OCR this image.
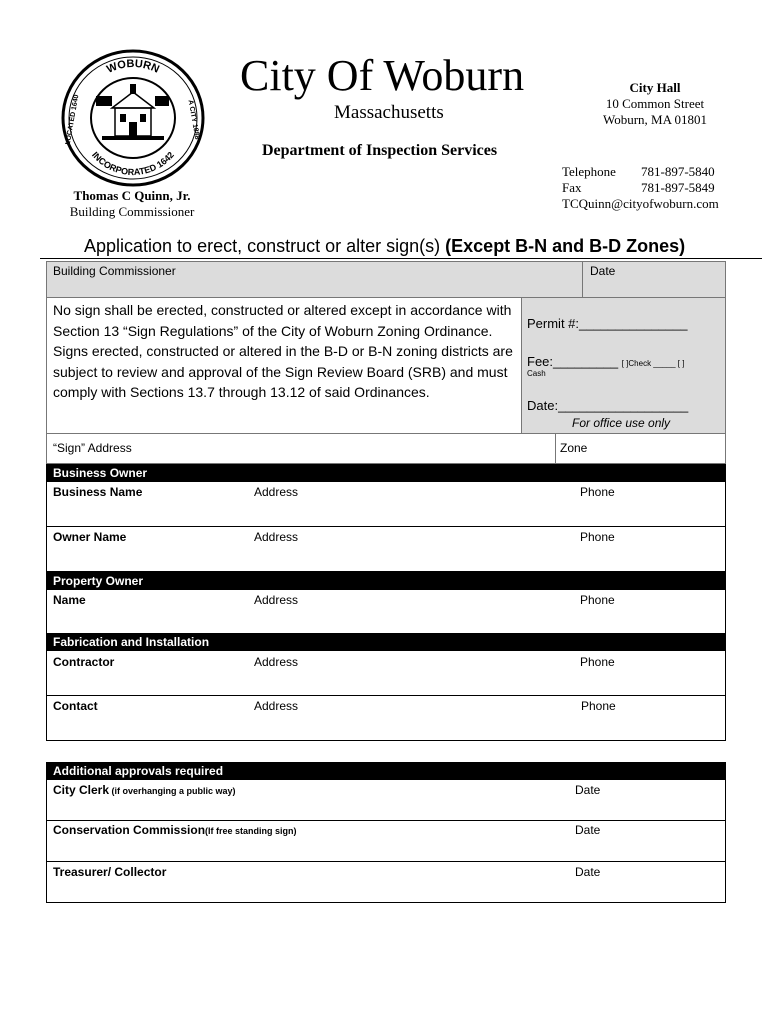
WOBURN
INCORPORATED 1642
LOCATED 1640	A CITY 1888
City Of Woburn
Massachusetts
Department of Inspection Services
City Hall
10 Common Street
Woburn, MA 01801
Telephone 781-897-5840
Fax	781-897-5849
TCQuinn@cityofwoburn.com
Thomas C Quinn, Jr.
Building Commissioner
Application to erect, construct or alter sign(s) (Except B-N and B-D Zones)
Building Commissioner	Date
No sign shall be erected, constructed or altered except in accordance with Section 13 “Sign Regulations” of the City of Woburn Zoning Ordinance. Signs erected, constructed or altered in the B-D or B-N zoning districts are subject to review and approval of the Sign Review Board (SRB) and must comply with Sections 13.7 through 13.12 of said Ordinances.
Permit #:_______________
Fee:_________ [ ]Check _____ [ ]
Cash
Date:__________________
For office use only
“Sign” Address	Zone
Business Owner
Business Name	Address	Phone
Owner Name	Address	Phone
Property Owner
Name	Address	Phone
Fabrication and Installation
Contractor	Address	Phone
Contact	Address	Phone
Additional approvals required
City Clerk (if overhanging a public way)	Date
Conservation Commission(If free standing sign)	Date
Treasurer/ Collector	Date
